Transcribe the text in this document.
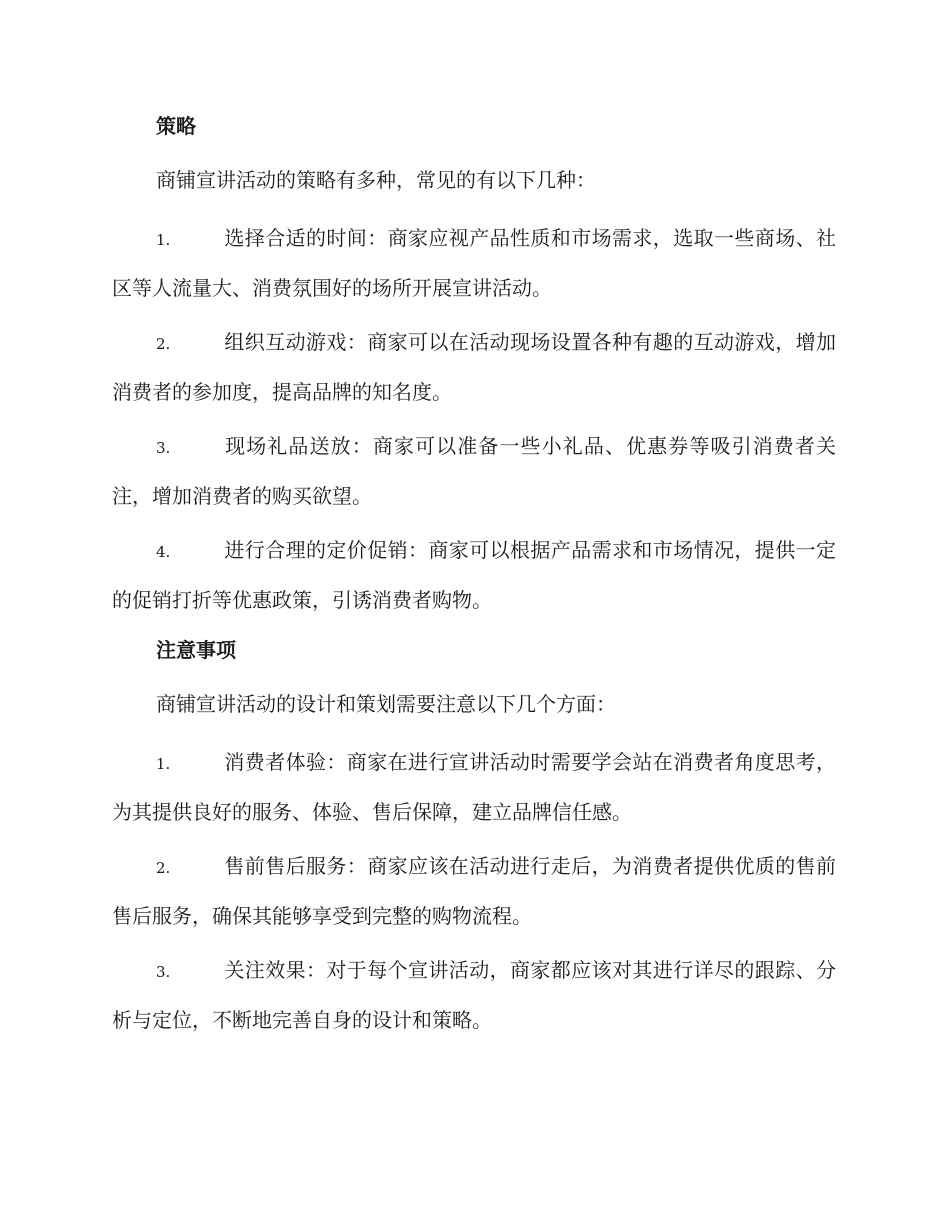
策略
商铺宣讲活动的策略有多种，常见的有以下几种：
1.	选择合适的时间：商家应视产品性质和市场需求，选取一些商场、社区等人流量大、消费氛围好的场所开展宣讲活动。
2.	组织互动游戏：商家可以在活动现场设置各种有趣的互动游戏，增加消费者的参加度，提高品牌的知名度。
3.	现场礼品送放：商家可以准备一些小礼品、优惠券等吸引消费者关注，增加消费者的购买欲望。
4.	进行合理的定价促销：商家可以根据产品需求和市场情况，提供一定的促销打折等优惠政策，引诱消费者购物。
注意事项
商铺宣讲活动的设计和策划需要注意以下几个方面：
1.	消费者体验：商家在进行宣讲活动时需要学会站在消费者角度思考，为其提供良好的服务、体验、售后保障，建立品牌信任感。
2.	售前售后服务：商家应该在活动进行走后，为消费者提供优质的售前售后服务，确保其能够享受到完整的购物流程。
3.	关注效果：对于每个宣讲活动，商家都应该对其进行详尽的跟踪、分析与定位，不断地完善自身的设计和策略。
